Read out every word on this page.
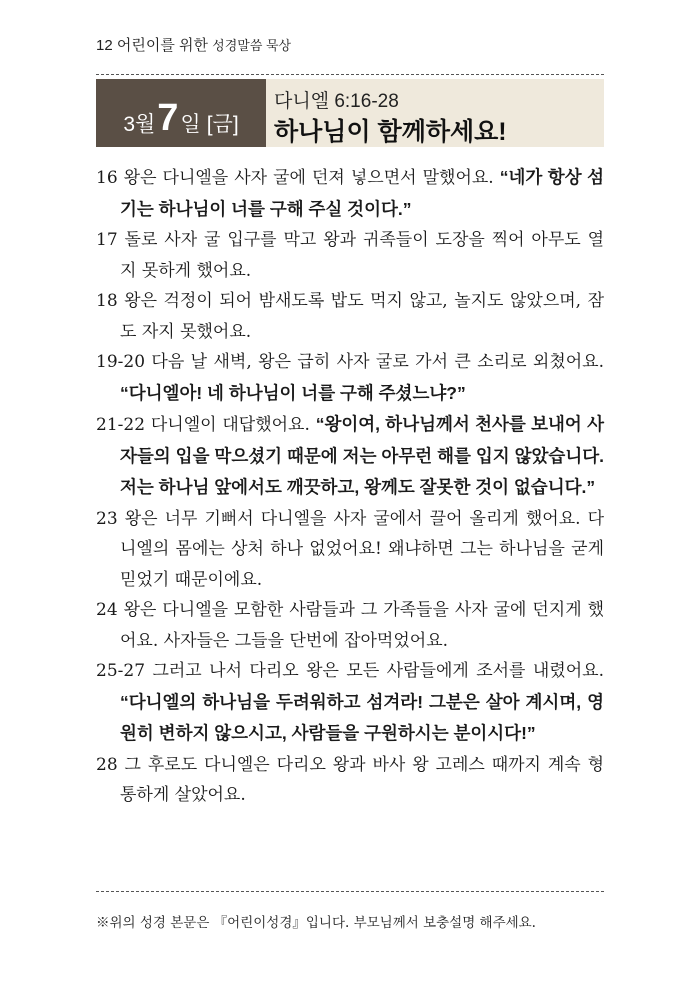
12 어린이를 위한 성경말씀 묵상
3월 7 일 [금]
다니엘 6:16-28
하나님이 함께하세요!

16 왕은 다니엘을 사자 굴에 던져 넣으면서 말했어요. “네가 항상 섬기는 하나님이 너를 구해 주실 것이다.”

17 돌로 사자 굴 입구를 막고 왕과 귀족들이 도장을 찍어 아무도 열지 못하게 했어요.

18 왕은 걱정이 되어 밤새도록 밥도 먹지 않고, 놀지도 않았으며, 잠도 자지 못했어요.

19-20 다음 날 새벽, 왕은 급히 사자 굴로 가서 큰 소리로 외쳤어요. “다니엘아! 네 하나님이 너를 구해 주셨느냐?”

21-22 다니엘이 대답했어요. “왕이여, 하나님께서 천사를 보내어 사자들의 입을 막으셨기 때문에 저는 아무런 해를 입지 않았습니다. 저는 하나님 앞에서도 깨끗하고, 왕께도 잘못한 것이 없습니다.”

23 왕은 너무 기뻐서 다니엘을 사자 굴에서 끌어 올리게 했어요. 다니엘의 몸에는 상처 하나 없었어요! 왜냐하면 그는 하나님을 굳게 믿었기 때문이에요.

24 왕은 다니엘을 모함한 사람들과 그 가족들을 사자 굴에 던지게 했어요. 사자들은 그들을 단번에 잡아먹었어요.

25-27 그러고 나서 다리오 왕은 모든 사람들에게 조서를 내렸어요. “다니엘의 하나님을 두려워하고 섬겨라! 그분은 살아 계시며, 영원히 변하지 않으시고, 사람들을 구원하시는 분이시다!”

28 그 후로도 다니엘은 다리오 왕과 바사 왕 고레스 때까지 계속 형통하게 살았어요.

※위의 성경 본문은 『어린이성경』입니다. 부모님께서 보충설명 해주세요.
